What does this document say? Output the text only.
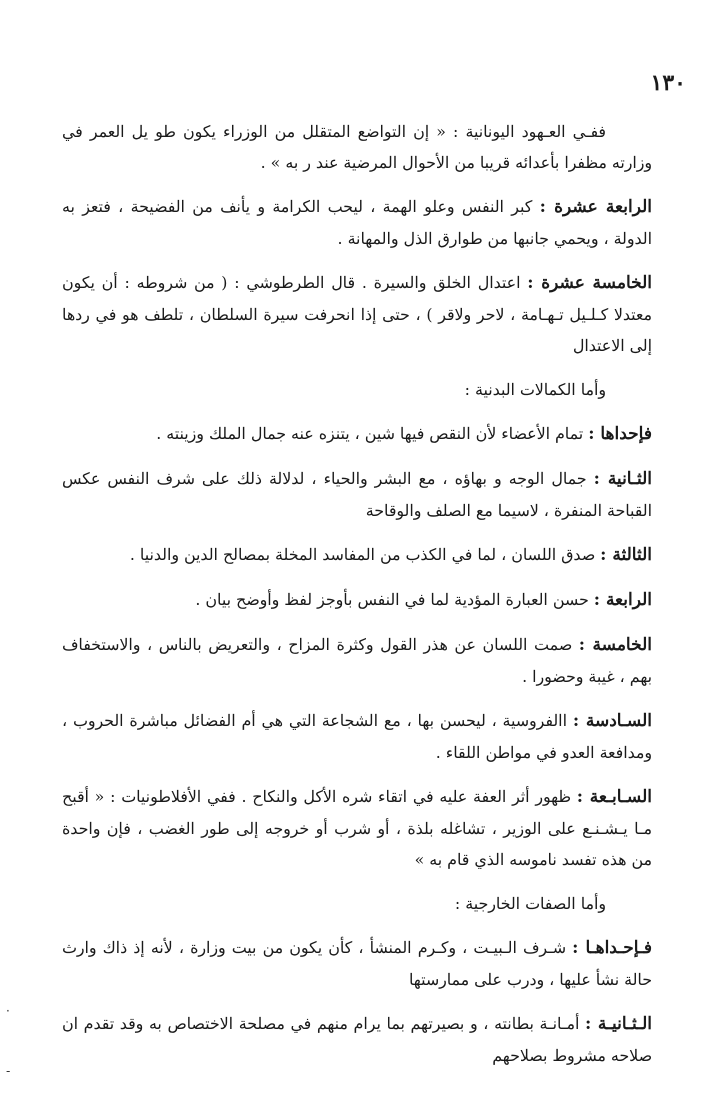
١٣٠

ففـي العـهود اليونانية : « إن التواضع المتقلل من الوزراء يكون طو يل العمر في وزارته مظفرا بأعدائه قريبا من الأحوال المرضية عند ر به » .

الرابعة عشرة : كبر النفس وعلو الهمة ، ليحب الكرامة و يأنف من الفضيحة ، فتعز به الدولة ، ويحمي جانبها من طوارق الذل والمهانة .

الخامسة عشرة : اعتدال الخلق والسيرة . قال الطرطوشي : ( من شروطه : أن يكون معتدلا كـلـيل تـهـامة ، لاحر ولاقر ) ، حتى إذا انحرفت سيرة السلطان ، تلطف هو في ردها إلى الاعتدال

وأما الكمالات البدنية :

فإحداها : تمام الأعضاء لأن النقص فيها شين ، يتنزه عنه جمال الملك وزينته .

الثـانية : جمال الوجه و بهاؤه ، مع البشر والحياء ، لدلالة ذلك على شرف النفس عكس القباحة المنفرة ، لاسيما مع الصلف والوقاحة

الثالثة : صدق اللسان ، لما في الكذب من المفاسد المخلة بمصالح الدين والدنيا .

الرابعة : حسن العبارة المؤدية لما في النفس بأوجز لفظ وأوضح بيان .

الخامسة : صمت اللسان عن هذر القول وكثرة المزاح ، والتعريض بالناس ، والاستخفاف بهم ، غيبة وحضورا .

السـادسة : االفروسية ، ليحسن بها ، مع الشجاعة التي هي أم الفضائل مباشرة الحروب ، ومدافعة العدو في مواطن اللقاء .

السـابـعة : ظهور أثر العفة عليه في اتقاء شره الأكل والنكاح . ففي الأفلاطونيات : « أقبح مـا يـشـنـع على الوزير ، تشاغله بلذة ، أو شرب أو خروجه إلى طور الغضب ، فإن واحدة من هذه تفسد ناموسه الذي قام به »

وأما الصفات الخارجية :

فـإحـداهـا : شـرف الـبيـت ، وكـرم المنشأ ، كأن يكون من بيت وزارة ، لأنه إذ ذاك وارث حالة نشأ عليها ، ودرب على ممارستها

الـثـانيـة : أمـانـة بطانته ، و بصيرتهم بما يرام منهم في مصلحة الاختصاص به وقد تقدم ان صلاحه مشروط بصلاحهم

·
-
